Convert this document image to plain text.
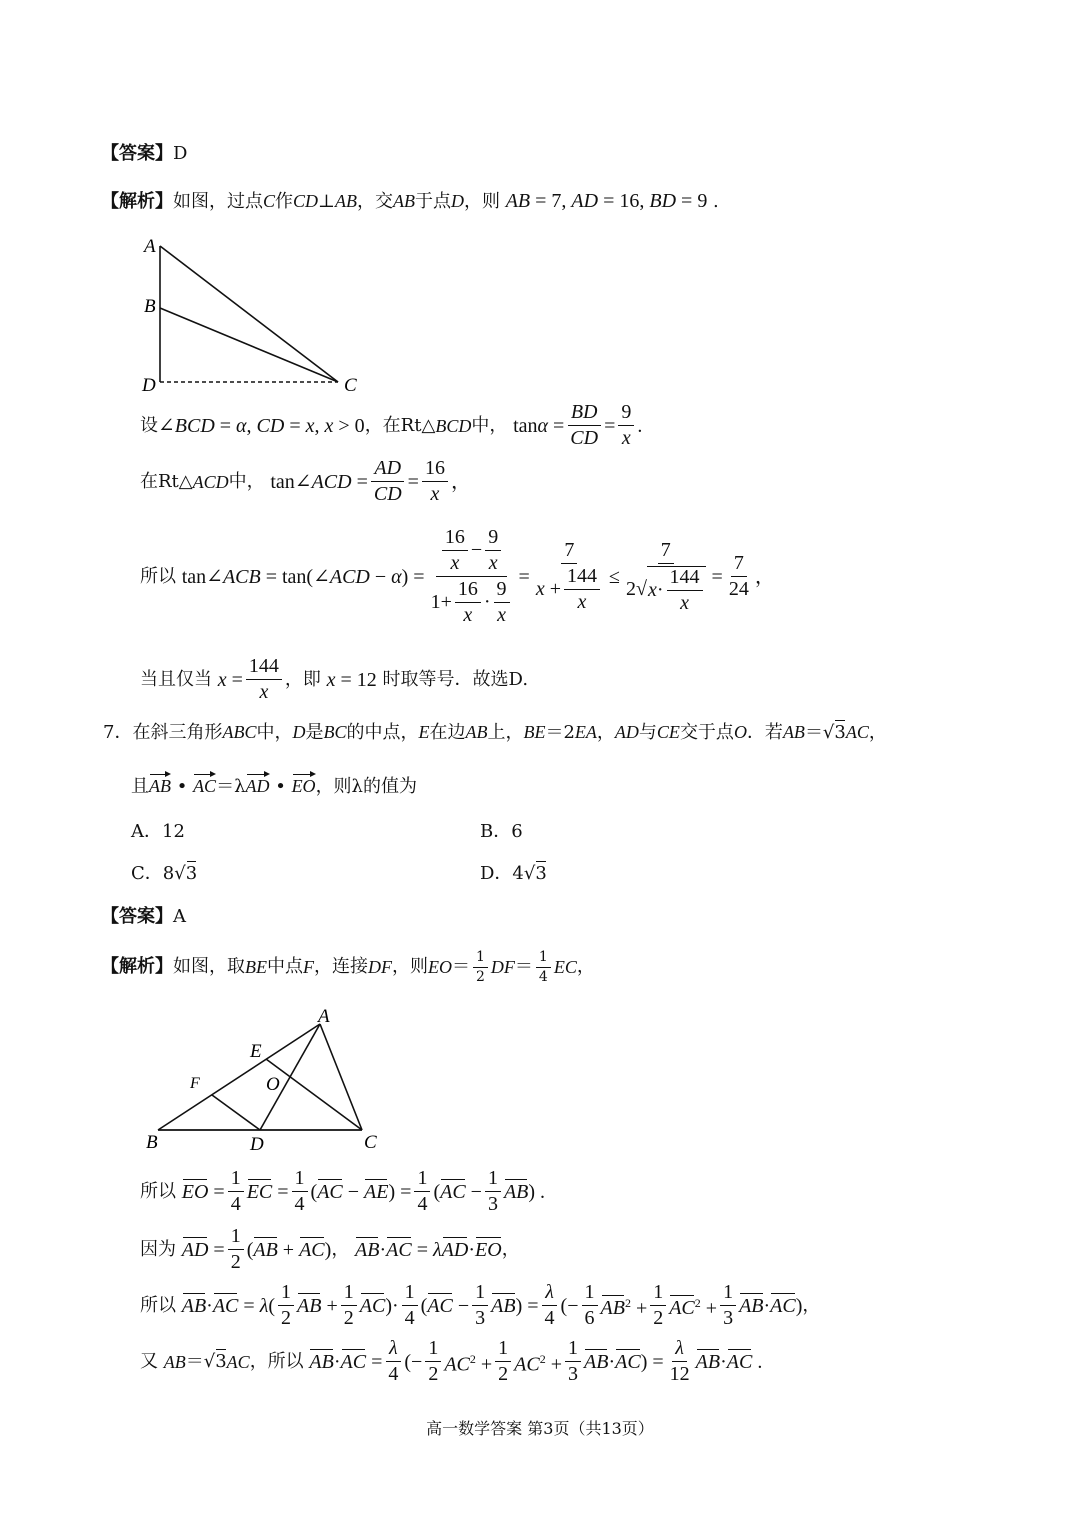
【答案】D
【解析】如图，过点C作CD⊥AB，交AB于点D，则 AB = 7, AD = 16, BD = 9 .
A
B
D	C
设 ∠BCD = α, CD = x, x > 0 ，在Rt△ BCD 中， $\tan\alpha = \frac{BD}{CD} = \frac{9}{x}$ .
在Rt△ ACD 中， tan∠ACD = $\frac{AD}{CD} = \frac{16}{x}$ ，
所以 tan∠ACB = tan(∠ACD − $\alpha) = \frac{\frac{16}{x} - \frac{9}{x}}{1+ \frac{16}{x} \cdot \frac{9}{x}} = \frac{7}{x + \frac{144}{x}} \le \frac{7}{2√ x \cdot \frac{144}{x}} = \frac{7}{24}$ ，
当且仅当 $x = \frac{144}{x}$ ，即 x = 12 时取等号．故选D.
7．在斜三角形ABC中，D是BC的中点，E在边AB上，BE＝2EA，AD与CE交于点O．若AB＝√3AC，
且AB • AC＝λAD • EO，则λ的值为
A．12	B．6
C．8√3	D．4√3
【答案】A
【解析】 如图，取 BE 中点 F ，连接 DF ，则 EO ＝ $\frac{1}{2}$ DF ＝ $\frac{1}{4}$ EC ，
A
B	C
D
E
F	O
所以 EO = $\frac{1}{4}$ EC = $\frac{1}{4} (AC - AE) = \frac{1}{4} (AC - \frac{1}{3} AB)$ .
因为 AD = $\frac{1}{2} (AB + AC)$ ， AB·AC = λAD·EO ，
所以 $AB\cdot AC = \lambda( \frac{1}{2}$ AB + $\frac{1}{2} AC)\cdot \frac{1}{4} (AC - \frac{1}{3} AB) = \frac{\lambda}{4}$ (− $\frac{1}{6} AB^2 + \frac{1}{2} AC^2 + \frac{1}{3} AB\cdot AC$) ，
又 AB ＝√ 3 AC ，所以 $AB\cdot AC = \frac{\lambda}{4}$ (− $\frac{1}{2} AC^2 + \frac{1}{2} AC^2 + \frac{1}{3} AB\cdot AC) = \frac{\lambda}{12} AB\cdot AC$ .
高一数学答案 第3页（共13页）
